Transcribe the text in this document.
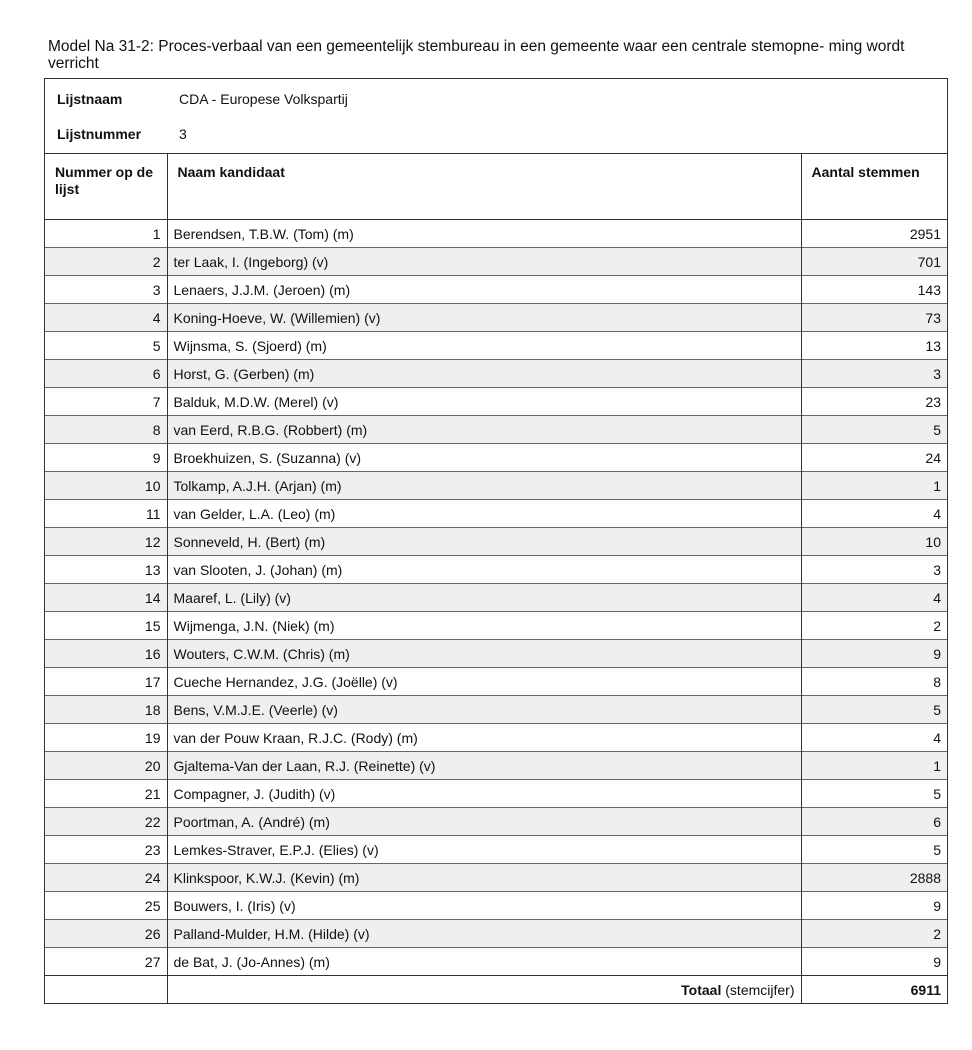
Model Na 31-2: Proces-verbaal van een gemeentelijk stembureau in een gemeente waar een centrale stemopne- ming wordt verricht
Lijstnaam	CDA - Europese Volkspartij
Lijstnummer	3
Nummer op de lijst	Naam kandidaat	Aantal stemmen
1	Berendsen, T.B.W. (Tom) (m)	2951
2	ter Laak, I. (Ingeborg) (v)	701
3	Lenaers, J.J.M. (Jeroen) (m)	143
4	Koning-Hoeve, W. (Willemien) (v)	73
5	Wijnsma, S. (Sjoerd) (m)	13
6	Horst, G. (Gerben) (m)	3
7	Balduk, M.D.W. (Merel) (v)	23
8	van Eerd, R.B.G. (Robbert) (m)	5
9	Broekhuizen, S. (Suzanna) (v)	24
10	Tolkamp, A.J.H. (Arjan) (m)	1
11	van Gelder, L.A. (Leo) (m)	4
12	Sonneveld, H. (Bert) (m)	10
13	van Slooten, J. (Johan) (m)	3
14	Maaref, L. (Lily) (v)	4
15	Wijmenga, J.N. (Niek) (m)	2
16	Wouters, C.W.M. (Chris) (m)	9
17	Cueche Hernandez, J.G. (Joëlle) (v)	8
18	Bens, V.M.J.E. (Veerle) (v)	5
19	van der Pouw Kraan, R.J.C. (Rody) (m)	4
20	Gjaltema-Van der Laan, R.J. (Reinette) (v)	1
21	Compagner, J. (Judith) (v)	5
22	Poortman, A. (André) (m)	6
23	Lemkes-Straver, E.P.J. (Elies) (v)	5
24	Klinkspoor, K.W.J. (Kevin) (m)	2888
25	Bouwers, I. (Iris) (v)	9
26	Palland-Mulder, H.M. (Hilde) (v)	2
27	de Bat, J. (Jo-Annes) (m)	9
	Totaal (stemcijfer)	6911
